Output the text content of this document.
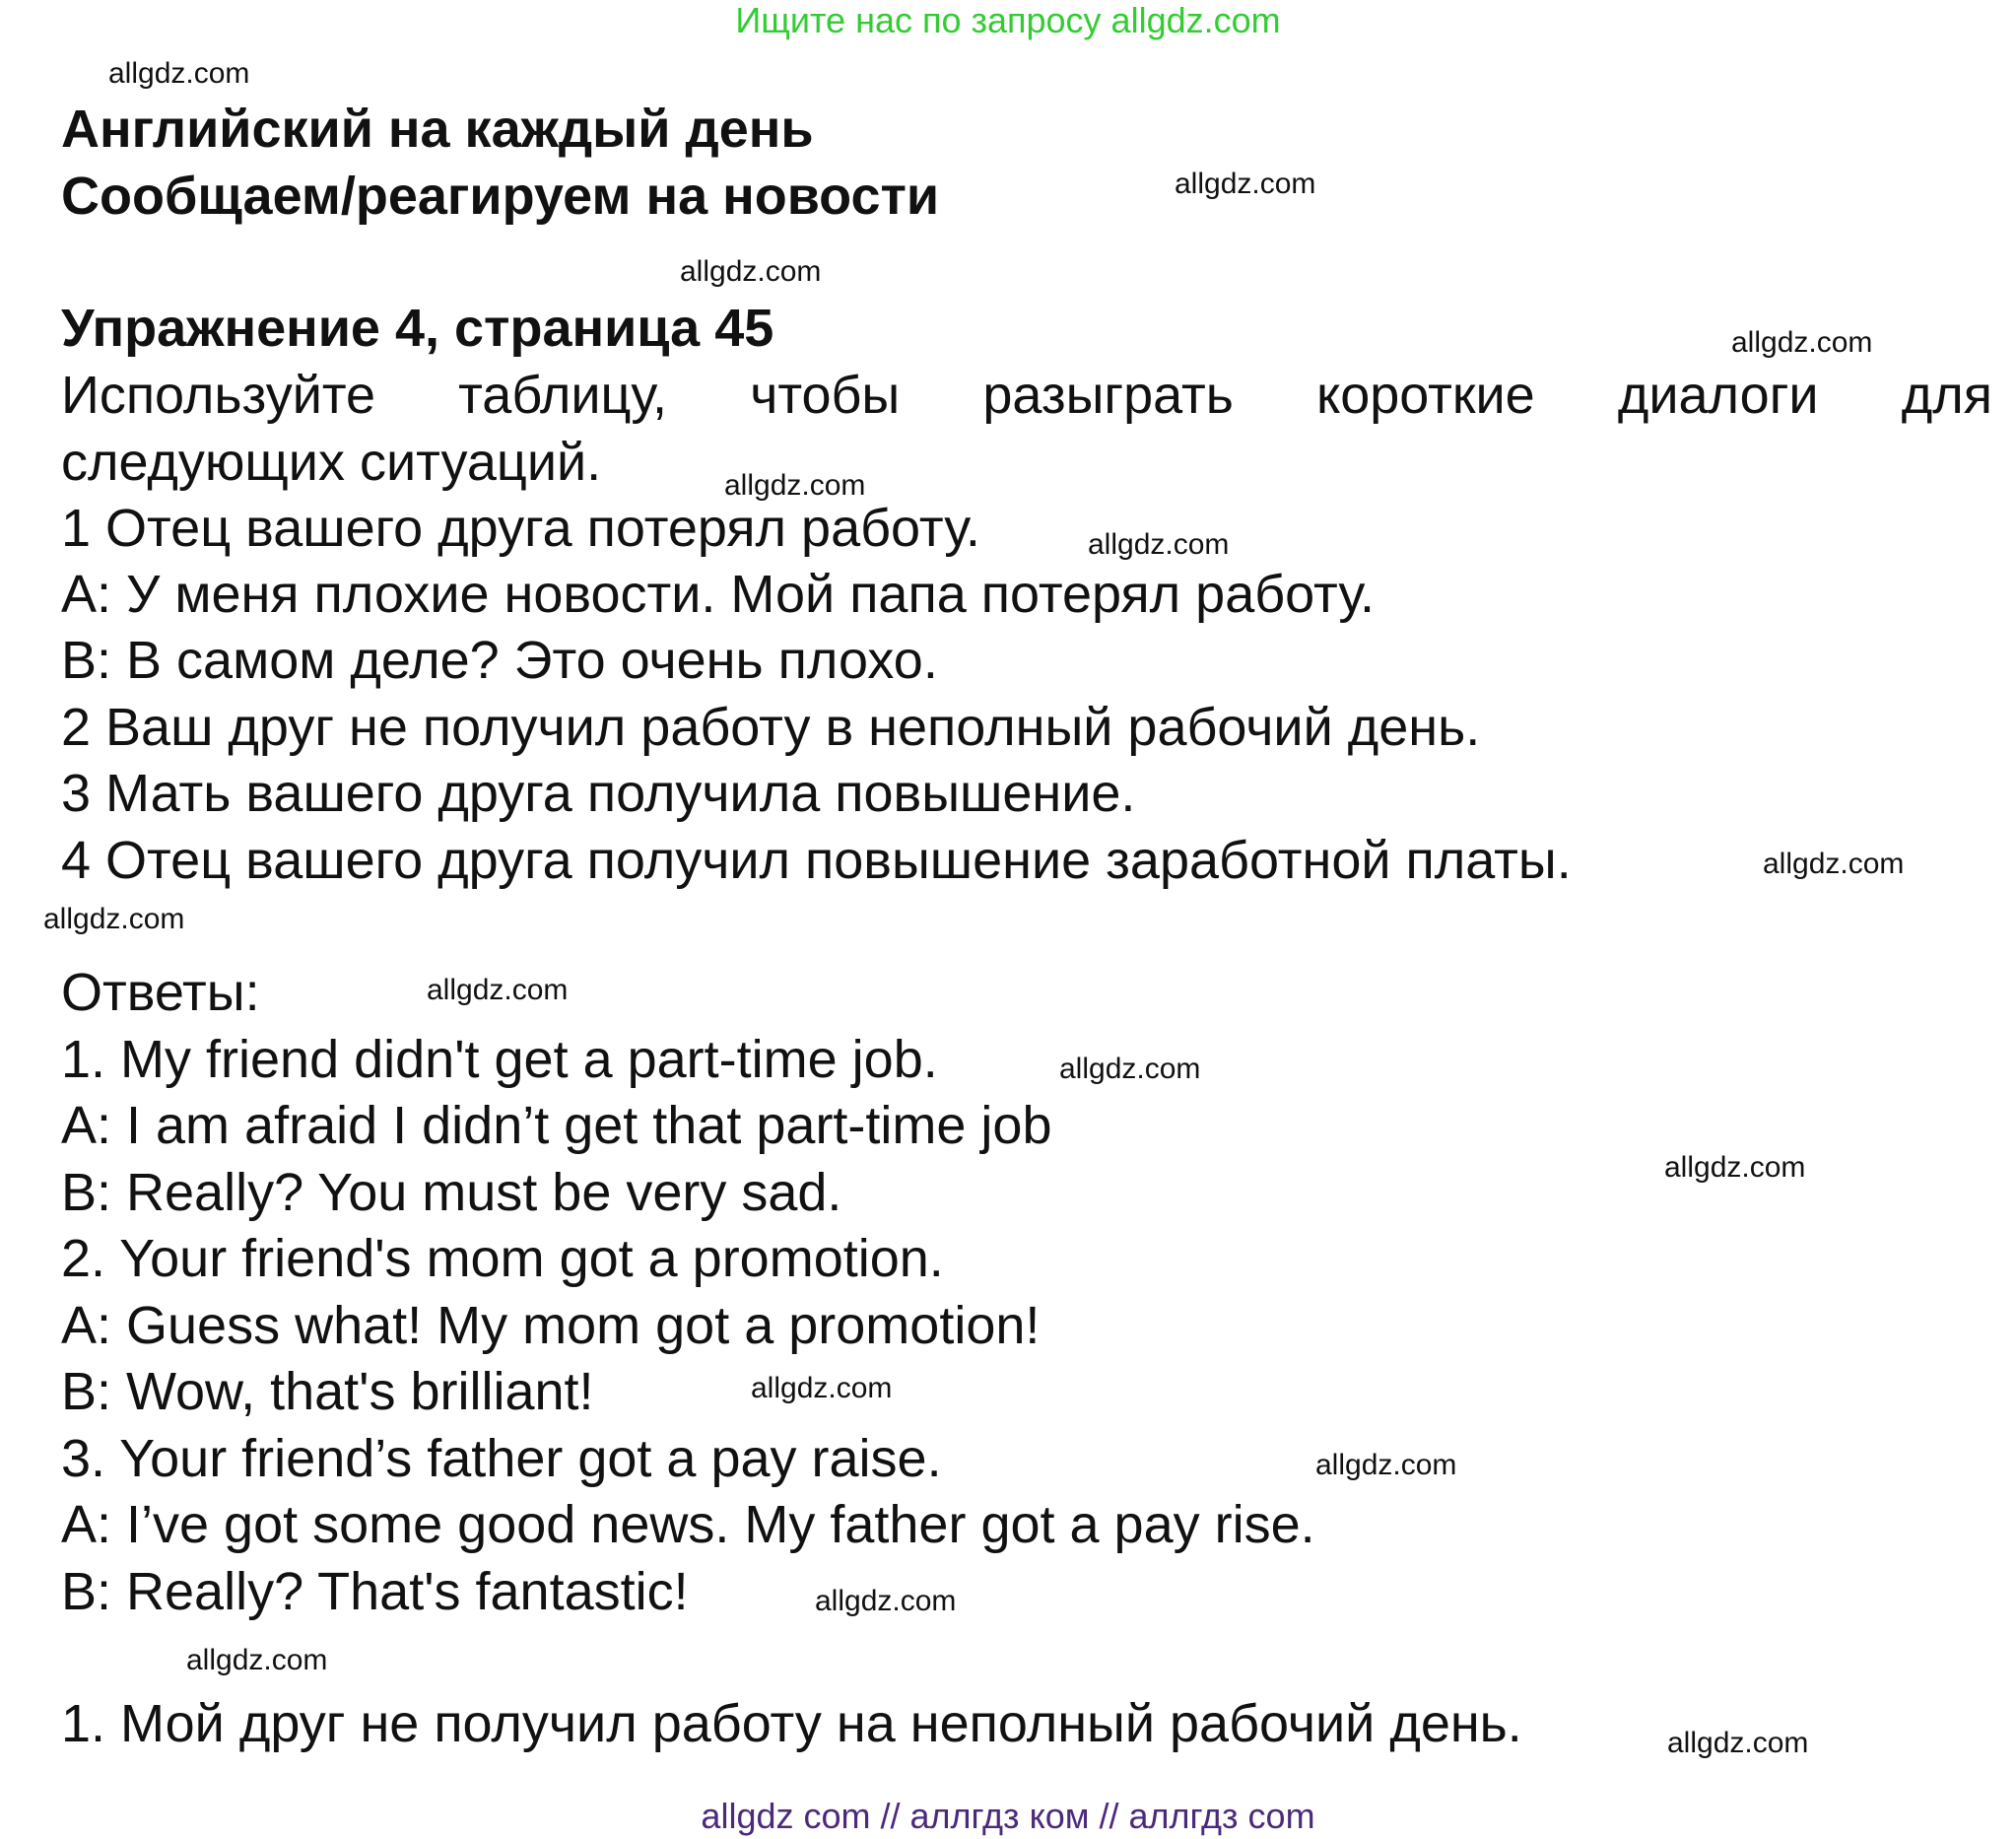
Ищите нас по запросу allgdz.com
Английский на каждый день
Сообщаем/реагируем на новости
Упражнение 4, страница 45
Используйте таблицу, чтобы разыграть короткие диалоги для
следующих ситуаций.
1 Отец вашего друга потерял работу.
A: У меня плохие новости. Мой папа потерял работу.
B: В самом деле? Это очень плохо.
2 Ваш друг не получил работу в неполный рабочий день.
3 Мать вашего друга получила повышение.
4 Отец вашего друга получил повышение заработной платы.
Ответы:
1. My friend didn't get a part-time job.
A: I am afraid I didn’t get that part-time job
B: Really? You must be very sad.
2. Your friend's mom got a promotion.
A: Guess what! My mom got a promotion!
B: Wow, that's brilliant!
3. Your friend’s father got a pay raise.
A: I’ve got some good news. My father got a pay rise.
B: Really? That's fantastic!
1. Мой друг не получил работу на неполный рабочий день.
allgdz.com
allgdz.com
allgdz.com
allgdz.com
allgdz.com
allgdz.com
allgdz.com
allgdz.com
allgdz.com
allgdz.com
allgdz.com
allgdz.com
allgdz.com
allgdz.com
allgdz.com
allgdz.com
allgdz com // аллгдз ком // аллгдз com
